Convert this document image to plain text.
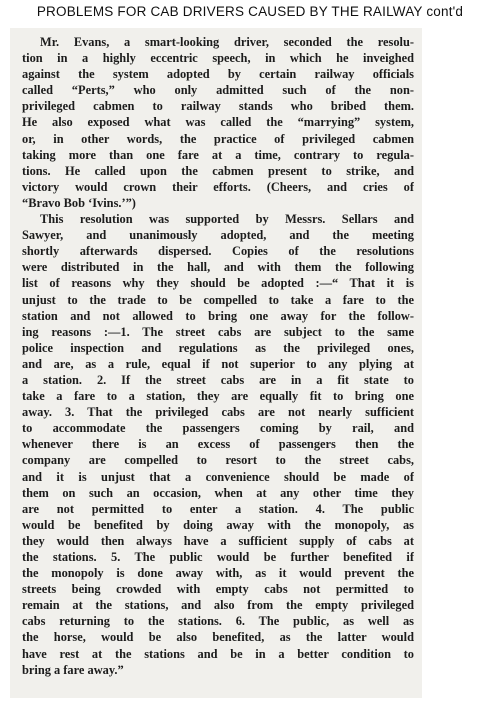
PROBLEMS FOR CAB DRIVERS CAUSED BY THE RAILWAY cont'd
Mr. Evans, a smart-looking driver, seconded the resolu-
tion in a highly eccentric speech, in which he inveighed
against the system adopted by certain railway officials
called “Perts,” who only admitted such of the non-
privileged cabmen to railway stands who bribed them.
He also exposed what was called the “marrying” system,
or, in other words, the practice of privileged cabmen
taking more than one fare at a time, contrary to regula-
tions. He called upon the cabmen present to strike, and
victory would crown their efforts. (Cheers, and cries of
“Bravo Bob ‘Ivins.’”)
This resolution was supported by Messrs. Sellars and
Sawyer, and unanimously adopted, and the meeting
shortly afterwards dispersed. Copies of the resolutions
were distributed in the hall, and with them the following
list of reasons why they should be adopted :—“ That it is
unjust to the trade to be compelled to take a fare to the
station and not allowed to bring one away for the follow-
ing reasons :—1. The street cabs are subject to the same
police inspection and regulations as the privileged ones,
and are, as a rule, equal if not superior to any plying at
a station. 2. If the street cabs are in a fit state to
take a fare to a station, they are equally fit to bring one
away. 3. That the privileged cabs are not nearly sufficient
to accommodate the passengers coming by rail, and
whenever there is an excess of passengers then the
company are compelled to resort to the street cabs,
and it is unjust that a convenience should be made of
them on such an occasion, when at any other time they
are not permitted to enter a station. 4. The public
would be benefited by doing away with the monopoly, as
they would then always have a sufficient supply of cabs at
the stations. 5. The public would be further benefited if
the monopoly is done away with, as it would prevent the
streets being crowded with empty cabs not permitted to
remain at the stations, and also from the empty privileged
cabs returning to the stations. 6. The public, as well as
the horse, would be also benefited, as the latter would
have rest at the stations and be in a better condition to
bring a fare away.”
